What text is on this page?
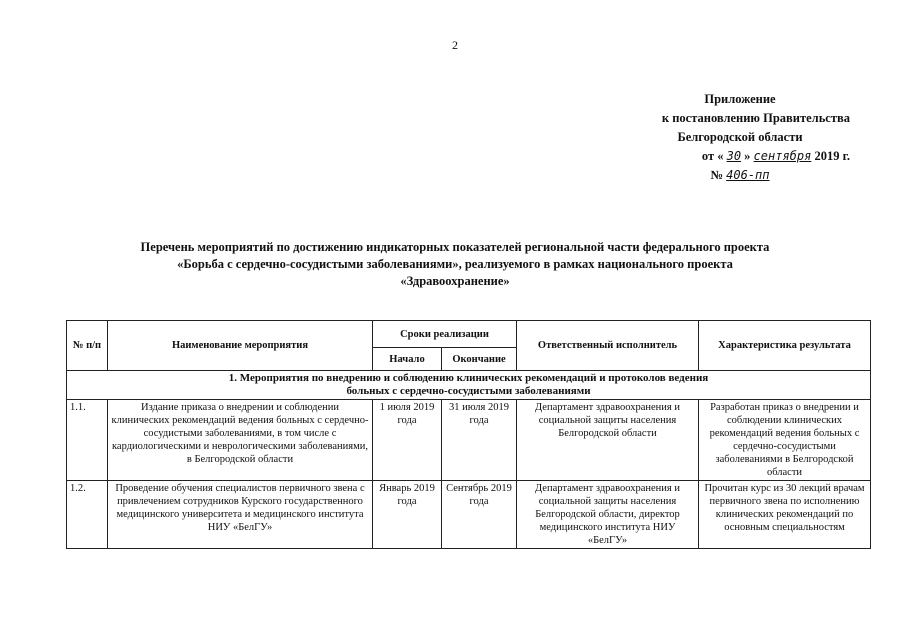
2
Приложение
к постановлению Правительства
Белгородской области
от « 30 » сентября 2019 г.
№ 406-пп
Перечень мероприятий по достижению индикаторных показателей региональной части федерального проекта
«Борьба с сердечно-сосудистыми заболеваниями», реализуемого в рамках национального проекта
«Здравоохранение»
№ п/п	Наименование мероприятия	Сроки реализации		Ответственный исполнитель	Характеристика результата
		Начало	Окончание		

1. Мероприятия по внедрению и соблюдению клинических рекомендаций и протоколов ведения
больных с сердечно-сосудистыми заболеваниями					

1.1.	Издание приказа о внедрении и соблюдении клинических рекомендаций ведения больных с сердечно-сосудистыми заболеваниями, в том числе с кардиологическими и неврологическими заболеваниями, в Белгородской области	1 июля 2019 года	31 июля 2019 года	Департамент здравоохранения и социальной защиты населения Белгородской области	Разработан приказ о внедрении и соблюдении клинических рекомендаций ведения больных с сердечно-сосудистыми заболеваниями в Белгородской области
1.2.	Проведение обучения специалистов первичного звена с привлечением сотрудников Курского государственного медицинского университета и медицинского института НИУ «БелГУ»	Январь 2019 года	Сентябрь 2019 года	Департамент здравоохранения и социальной защиты населения Белгородской области, директор медицинского института НИУ «БелГУ»	Прочитан курс из 30 лекций врачам первичного звена по исполнению клинических рекомендаций по основным специальностям
